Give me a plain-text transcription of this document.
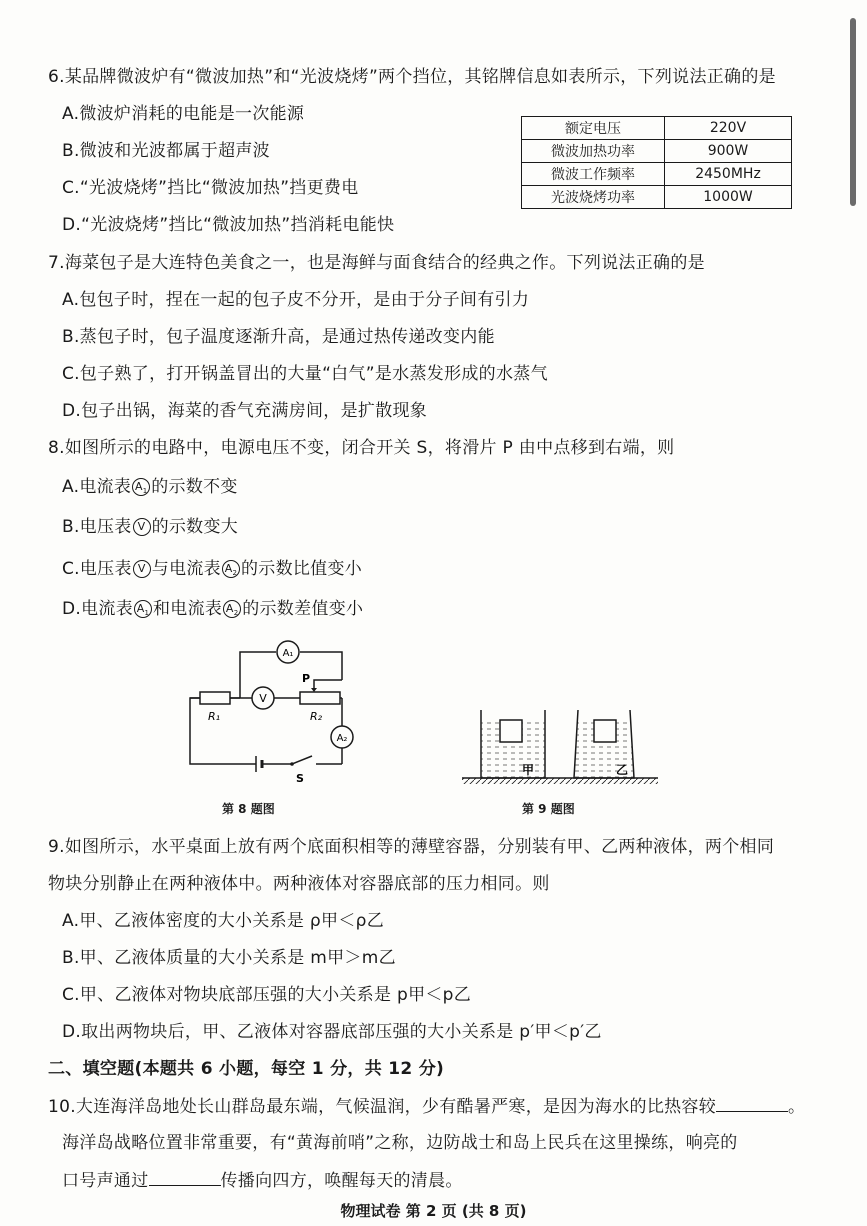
6.某品牌微波炉有“微波加热”和“光波烧烤”两个挡位，其铭牌信息如表所示，下列说法正确的是
A.微波炉消耗的电能是一次能源
B.微波和光波都属于超声波
C.“光波烧烤”挡比“微波加热”挡更费电
D.“光波烧烤”挡比“微波加热”挡消耗电能快
额定电压	220V
微波加热功率	900W
微波工作频率	2450MHz
光波烧烤功率	1000W
7.海菜包子是大连特色美食之一，也是海鲜与面食结合的经典之作。下列说法正确的是
A.包包子时，捏在一起的包子皮不分开，是由于分子间有引力
B.蒸包子时，包子温度逐渐升高，是通过热传递改变内能
C.包子熟了，打开锅盖冒出的大量“白气”是水蒸发形成的水蒸气
D.包子出锅，海菜的香气充满房间，是扩散现象
8.如图所示的电路中，电源电压不变，闭合开关 S，将滑片 P 由中点移到右端，则
A.电流表 $A_1$ 的示数不变
B.电压表 V 的示数变大
C.电压表 V 与电流表 $A_2$ 的示数比值变小
D.电流表 $A_1$ 和电流表 $A_2$ 的示数差值变小
A₁
V
A₂
R₁	R₂
P
S
第 8 题图
甲	乙
第 9 题图
9.如图所示，水平桌面上放有两个底面积相等的薄壁容器，分别装有甲、乙两种液体，两个相同
物块分别静止在两种液体中。两种液体对容器底部的压力相同。则
A.甲、乙液体密度的大小关系是 ρ甲＜ρ乙
B.甲、乙液体质量的大小关系是 m甲＞m乙
C.甲、乙液体对物块底部压强的大小关系是 p甲＜p乙
D.取出两物块后，甲、乙液体对容器底部压强的大小关系是 p′甲＜p′乙
二、填空题(本题共 6 小题，每空 1 分，共 12 分)
10.大连海洋岛地处长山群岛最东端，气候温润，少有酷暑严寒，是因为海水的比热容较	。
海洋岛战略位置非常重要，有“黄海前哨”之称，边防战士和岛上民兵在这里操练，响亮的
口号声通过	传播向四方，唤醒每天的清晨。
物理试卷 第 2 页 (共 8 页)
